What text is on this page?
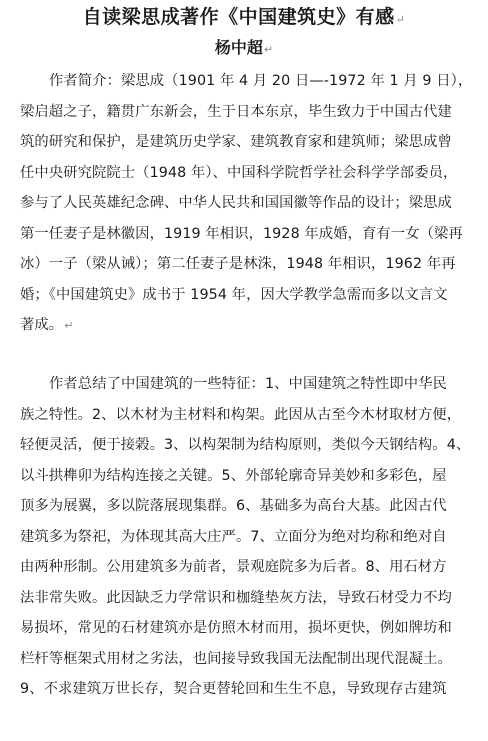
自读梁思成著作《中国建筑史》有感↵
杨中超↵
作者简介：梁思成（1901 年 4 月 20 日—-1972 年 1 月 9 日），
梁启超之子，籍贯广东新会，生于日本东京，毕生致力于中国古代建
筑的研究和保护，是建筑历史学家、建筑教育家和建筑师；梁思成曾
任中央研究院院士（1948 年）、中国科学院哲学社会科学学部委员，
参与了人民英雄纪念碑、中华人民共和国国徽等作品的设计；梁思成
第一任妻子是林徽因，1919 年相识，1928 年成婚，育有一女（梁再
冰）一子（梁从诫）；第二任妻子是林洙，1948 年相识，1962 年再
婚；《中国建筑史》成书于 1954 年，因大学教学急需而多以文言文
著成。↵
作者总结了中国建筑的一些特征：1、中国建筑之特性即中华民
族之特性。2、以木材为主材料和构架。此因从古至今木材取材方便，
轻便灵活，便于接榖。3、以构架制为结构原则，类似今天钢结构。4、
以斗拱榫卯为结构连接之关键。5、外部轮廓奇异美妙和多彩色，屋
顶多为展翼，多以院落展现集群。6、基础多为高台大基。此因古代
建筑多为祭祀，为体现其高大庄严。7、立面分为绝对均称和绝对自
由两种形制。公用建筑多为前者，景观庭院多为后者。8、用石材方
法非常失败。此因缺乏力学常识和枷缝垫灰方法，导致石材受力不均
易损坏，常见的石材建筑亦是仿照木材而用，损坏更快，例如牌坊和
栏杆等框架式用材之劣法，也间接导致我国无法配制出现代混凝土。
9、不求建筑万世长存，契合更替轮回和生生不息，导致现存古建筑
